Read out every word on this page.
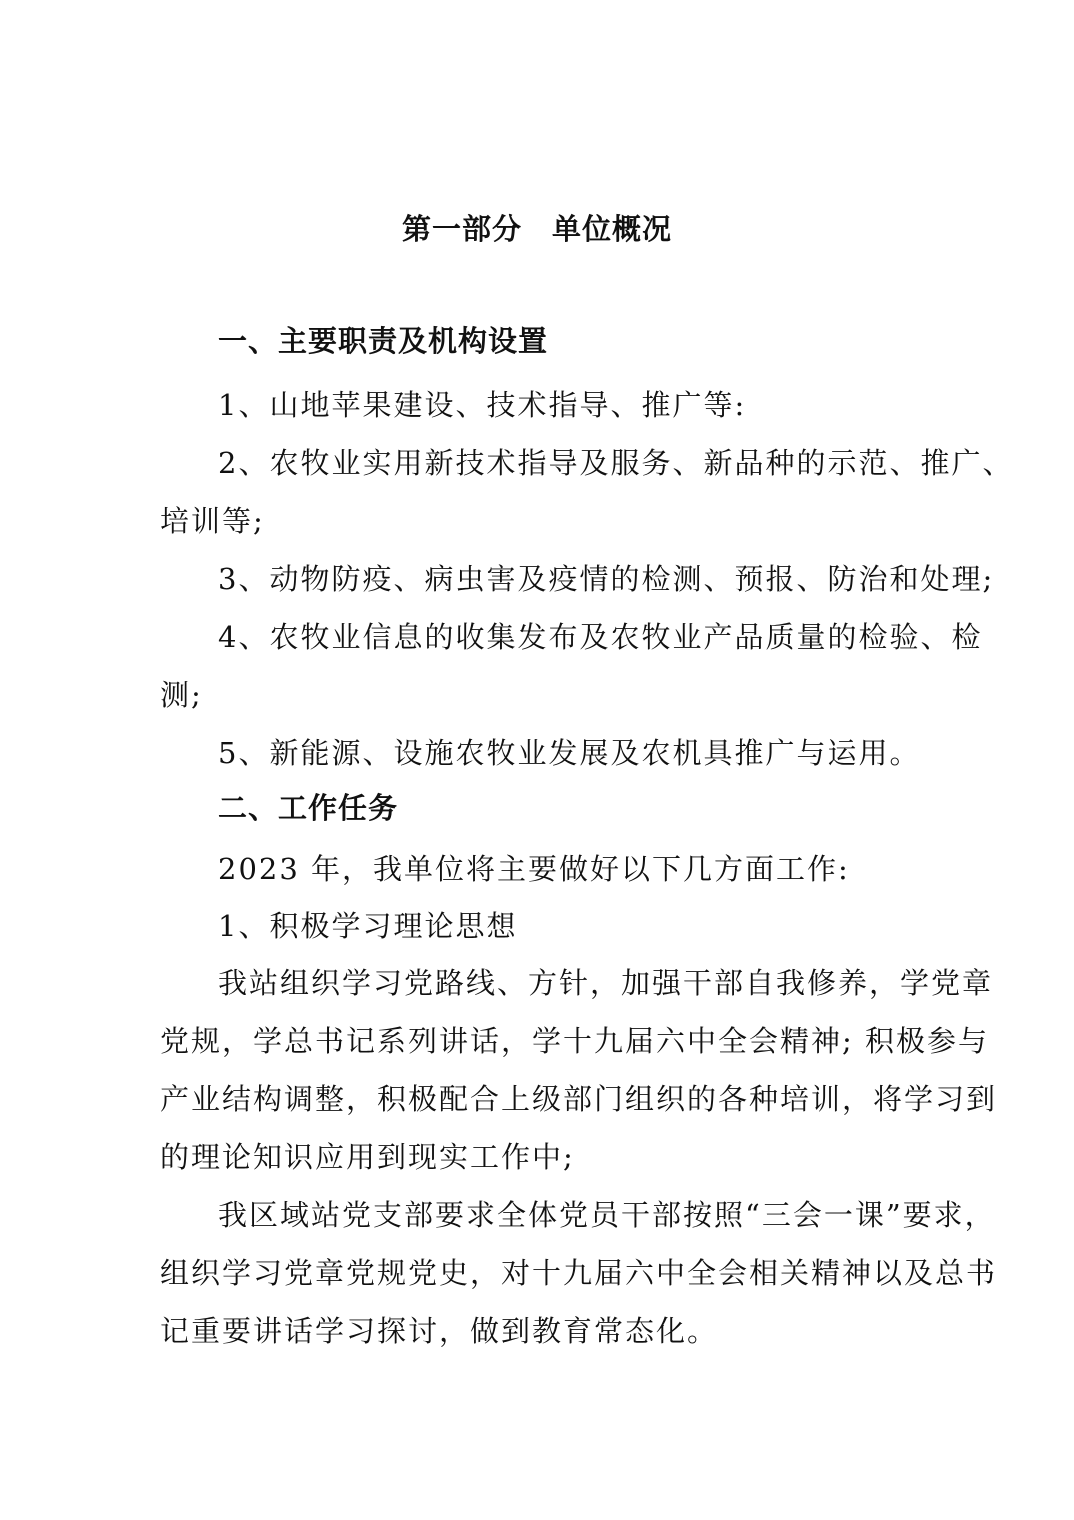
第一部分　单位概况
一、主要职责及机构设置
1、山地苹果建设、技术指导、推广等:
2、农牧业实用新技术指导及服务、新品种的示范、推广、
培训等;
3、动物防疫、病虫害及疫情的检测、预报、防治和处理;
4、农牧业信息的收集发布及农牧业产品质量的检验、检
测;
5、新能源、设施农牧业发展及农机具推广与运用。
二、工作任务
2023 年，我单位将主要做好以下几方面工作:
1、积极学习理论思想
我站组织学习党路线、方针，加强干部自我修养，学党章
党规，学总书记系列讲话，学十九届六中全会精神; 积极参与
产业结构调整，积极配合上级部门组织的各种培训，将学习到
的理论知识应用到现实工作中;
我区域站党支部要求全体党员干部按照“三会一课”要求，
组织学习党章党规党史，对十九届六中全会相关精神以及总书
记重要讲话学习探讨，做到教育常态化。
